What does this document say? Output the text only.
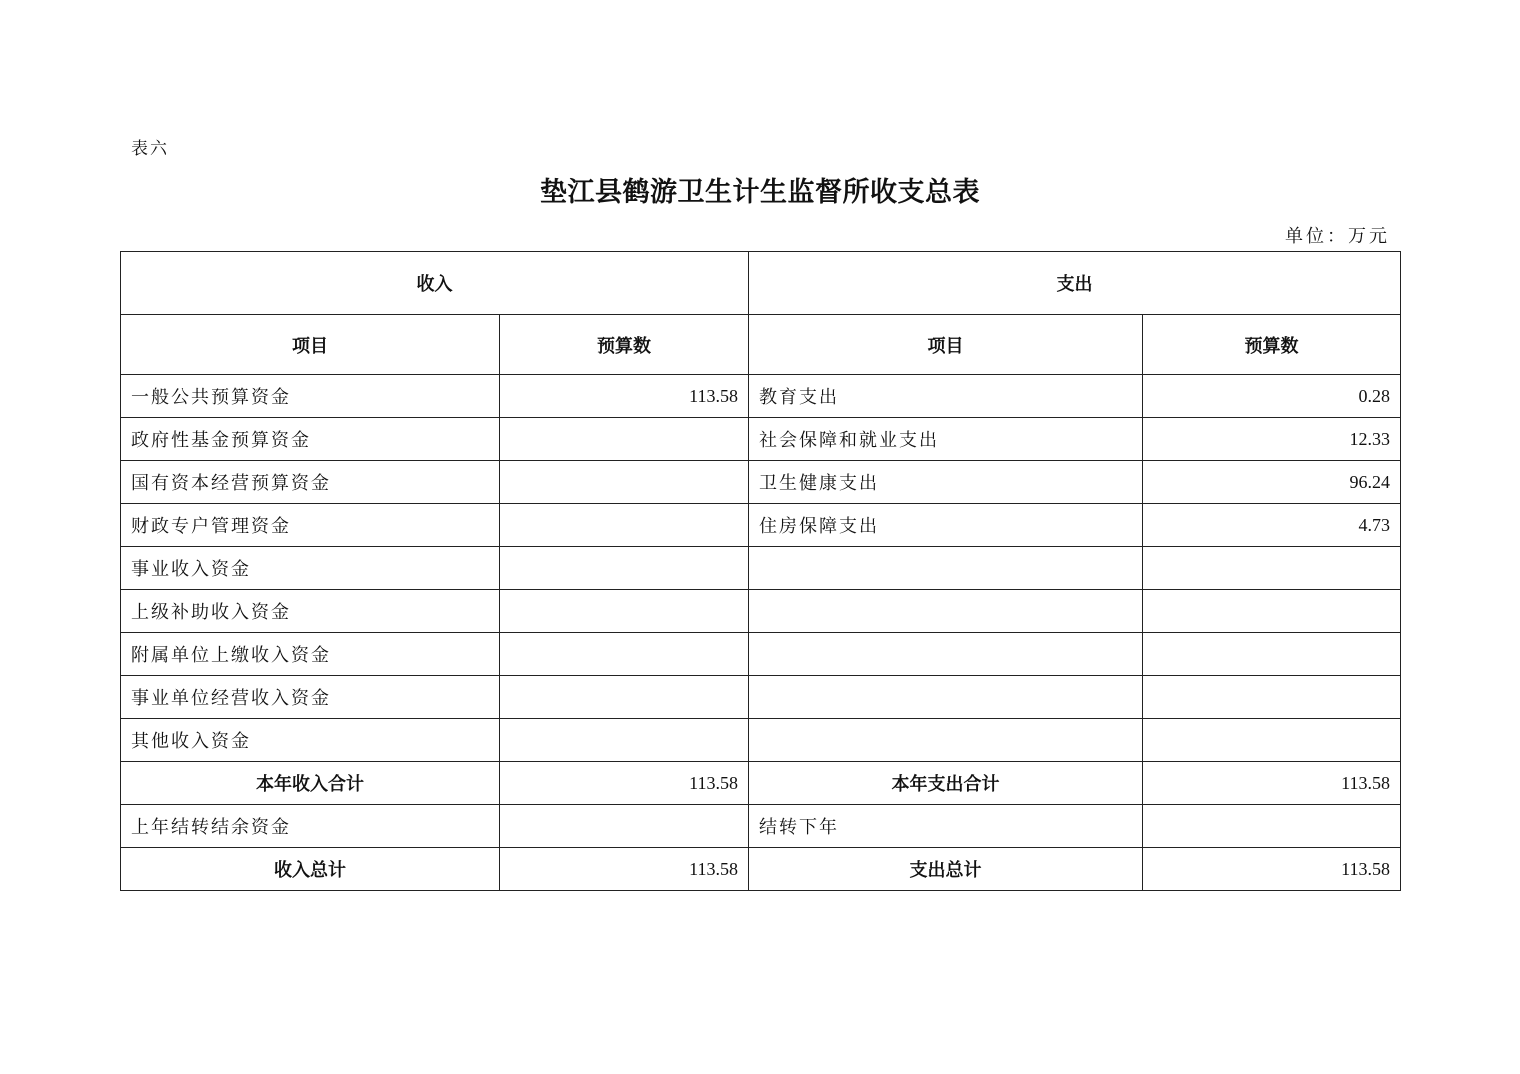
表六
垫江县鹤游卫生计生监督所收支总表
单位：万元
收入		支出	
项目	预算数	项目	预算数
一般公共预算资金	113.58	教育支出	0.28
政府性基金预算资金		社会保障和就业支出	12.33
国有资本经营预算资金		卫生健康支出	96.24
财政专户管理资金		住房保障支出	4.73
事业收入资金			
上级补助收入资金			
附属单位上缴收入资金			
事业单位经营收入资金			
其他收入资金			
本年收入合计	113.58	本年支出合计	113.58
上年结转结余资金		结转下年	
收入总计	113.58	支出总计	113.58
